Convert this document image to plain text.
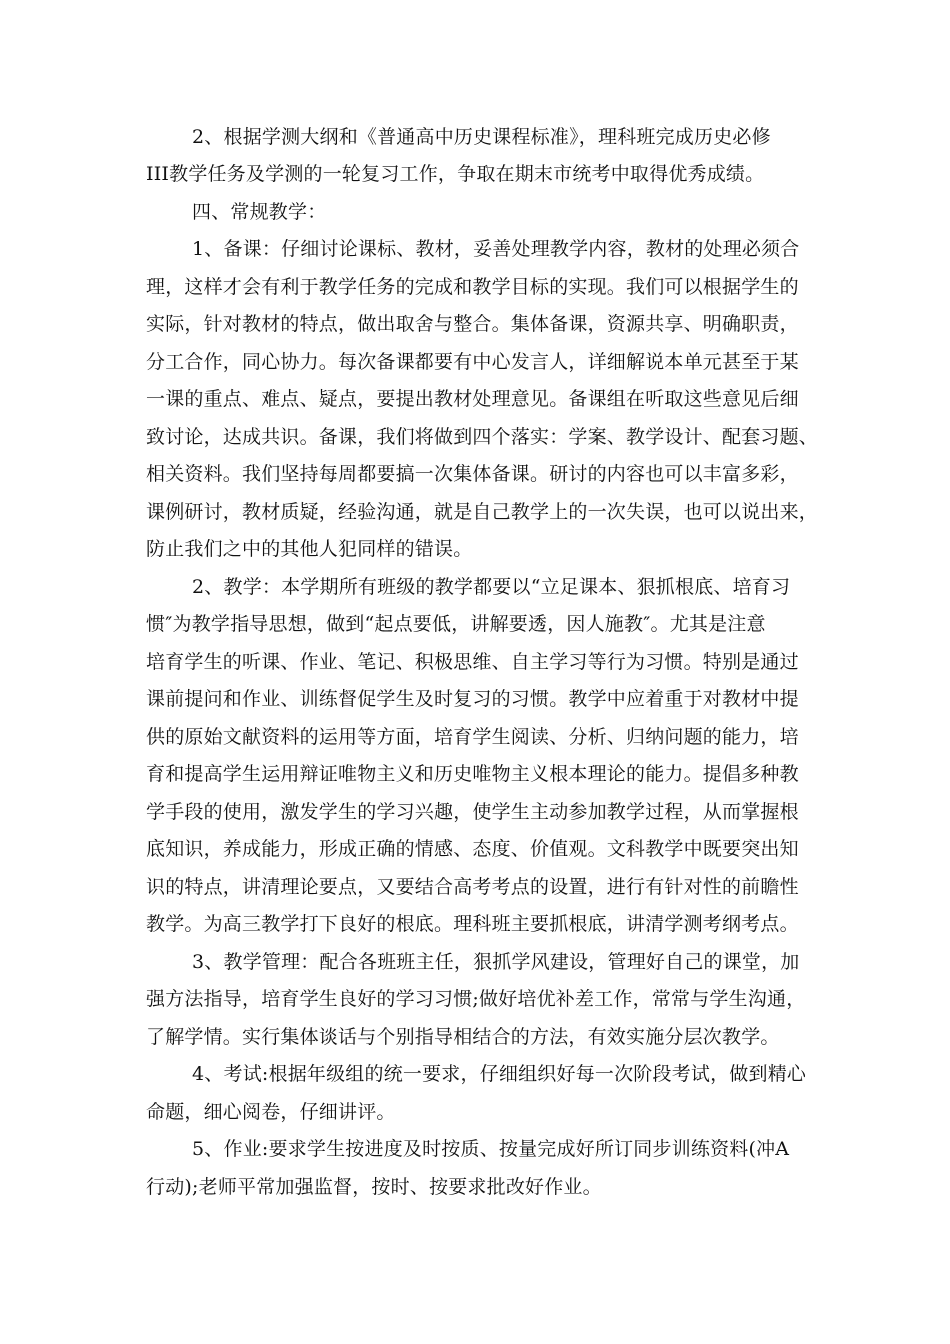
2、根据学测大纲和《普通高中历史课程标准》，理科班完成历史必修
III教学任务及学测的一轮复习工作，争取在期末市统考中取得优秀成绩。
四、常规教学：
1、备课：仔细讨论课标、教材，妥善处理教学内容，教材的处理必须合
理，这样才会有利于教学任务的完成和教学目标的实现。我们可以根据学生的
实际，针对教材的特点，做出取舍与整合。集体备课，资源共享、明确职责，
分工合作，同心协力。每次备课都要有中心发言人，详细解说本单元甚至于某
一课的重点、难点、疑点，要提出教材处理意见。备课组在听取这些意见后细
致讨论，达成共识。备课，我们将做到四个落实：学案、教学设计、配套习题、
相关资料。我们坚持每周都要搞一次集体备课。研讨的内容也可以丰富多彩，
课例研讨，教材质疑，经验沟通，就是自己教学上的一次失误，也可以说出来，
防止我们之中的其他人犯同样的错误。
2、教学：本学期所有班级的教学都要以“立足课本、狠抓根底、培育习
惯″为教学指导思想，做到“起点要低，讲解要透，因人施教″。尤其是注意
培育学生的听课、作业、笔记、积极思维、自主学习等行为习惯。特别是通过
课前提问和作业、训练督促学生及时复习的习惯。教学中应着重于对教材中提
供的原始文献资料的运用等方面，培育学生阅读、分析、归纳问题的能力，培
育和提高学生运用辩证唯物主义和历史唯物主义根本理论的能力。提倡多种教
学手段的使用，激发学生的学习兴趣，使学生主动参加教学过程，从而掌握根
底知识，养成能力，形成正确的情感、态度、价值观。文科教学中既要突出知
识的特点，讲清理论要点，又要结合高考考点的设置，进行有针对性的前瞻性
教学。为高三教学打下良好的根底。理科班主要抓根底，讲清学测考纲考点。
3、教学管理：配合各班班主任，狠抓学风建设，管理好自己的课堂，加
强方法指导，培育学生良好的学习习惯;做好培优补差工作，常常与学生沟通，
了解学情。实行集体谈话与个别指导相结合的方法，有效实施分层次教学。
4、考试:根据年级组的统一要求，仔细组织好每一次阶段考试，做到精心
命题，细心阅卷，仔细讲评。
5、作业:要求学生按进度及时按质、按量完成好所订同步训练资料(冲A
行动);老师平常加强监督，按时、按要求批改好作业。
